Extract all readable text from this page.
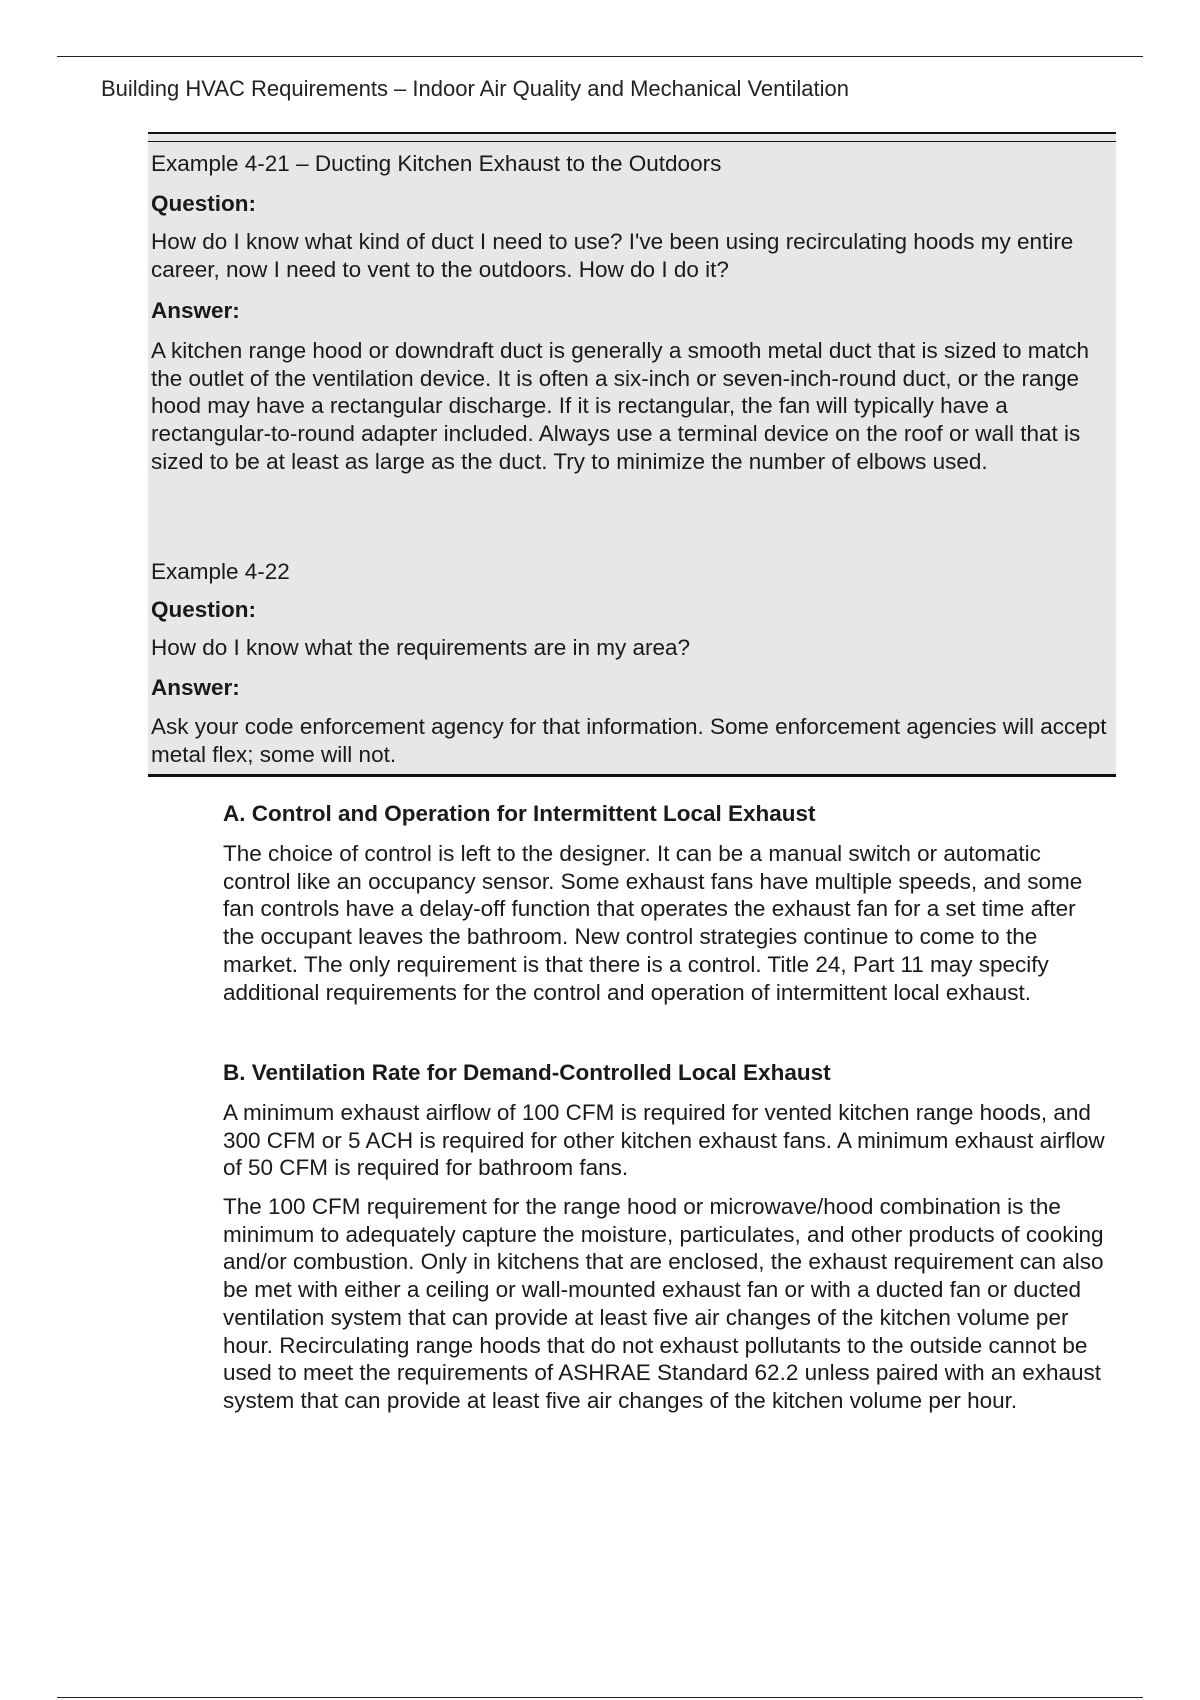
Building HVAC Requirements – Indoor Air Quality and Mechanical Ventilation
Example 4-21 – Ducting Kitchen Exhaust to the Outdoors
Question:

How do I know what kind of duct I need to use? I've been using recirculating hoods my entire career, now I need to vent to the outdoors. How do I do it?

Answer:

A kitchen range hood or downdraft duct is generally a smooth metal duct that is sized to match the outlet of the ventilation device. It is often a six-inch or seven-inch-round duct, or the range hood may have a rectangular discharge. If it is rectangular, the fan will typically have a rectangular-to-round adapter included. Always use a terminal device on the roof or wall that is sized to be at least as large as the duct. Try to minimize the number of elbows used.

Example 4-22
Question:

How do I know what the requirements are in my area?

Answer:

Ask your code enforcement agency for that information. Some enforcement agencies will accept metal flex; some will not.

A. Control and Operation for Intermittent Local Exhaust

The choice of control is left to the designer. It can be a manual switch or automatic control like an occupancy sensor. Some exhaust fans have multiple speeds, and some fan controls have a delay-off function that operates the exhaust fan for a set time after the occupant leaves the bathroom. New control strategies continue to come to the market. The only requirement is that there is a control. Title 24, Part 11 may specify additional requirements for the control and operation of intermittent local exhaust.

B. Ventilation Rate for Demand-Controlled Local Exhaust

A minimum exhaust airflow of 100 CFM is required for vented kitchen range hoods, and 300 CFM or 5 ACH is required for other kitchen exhaust fans. A minimum exhaust airflow of 50 CFM is required for bathroom fans.

The 100 CFM requirement for the range hood or microwave/hood combination is the minimum to adequately capture the moisture, particulates, and other products of cooking and/or combustion. Only in kitchens that are enclosed, the exhaust requirement can also be met with either a ceiling or wall-mounted exhaust fan or with a ducted fan or ducted ventilation system that can provide at least five air changes of the kitchen volume per hour. Recirculating range hoods that do not exhaust pollutants to the outside cannot be used to meet the requirements of ASHRAE Standard 62.2 unless paired with an exhaust system that can provide at least five air changes of the kitchen volume per hour.
